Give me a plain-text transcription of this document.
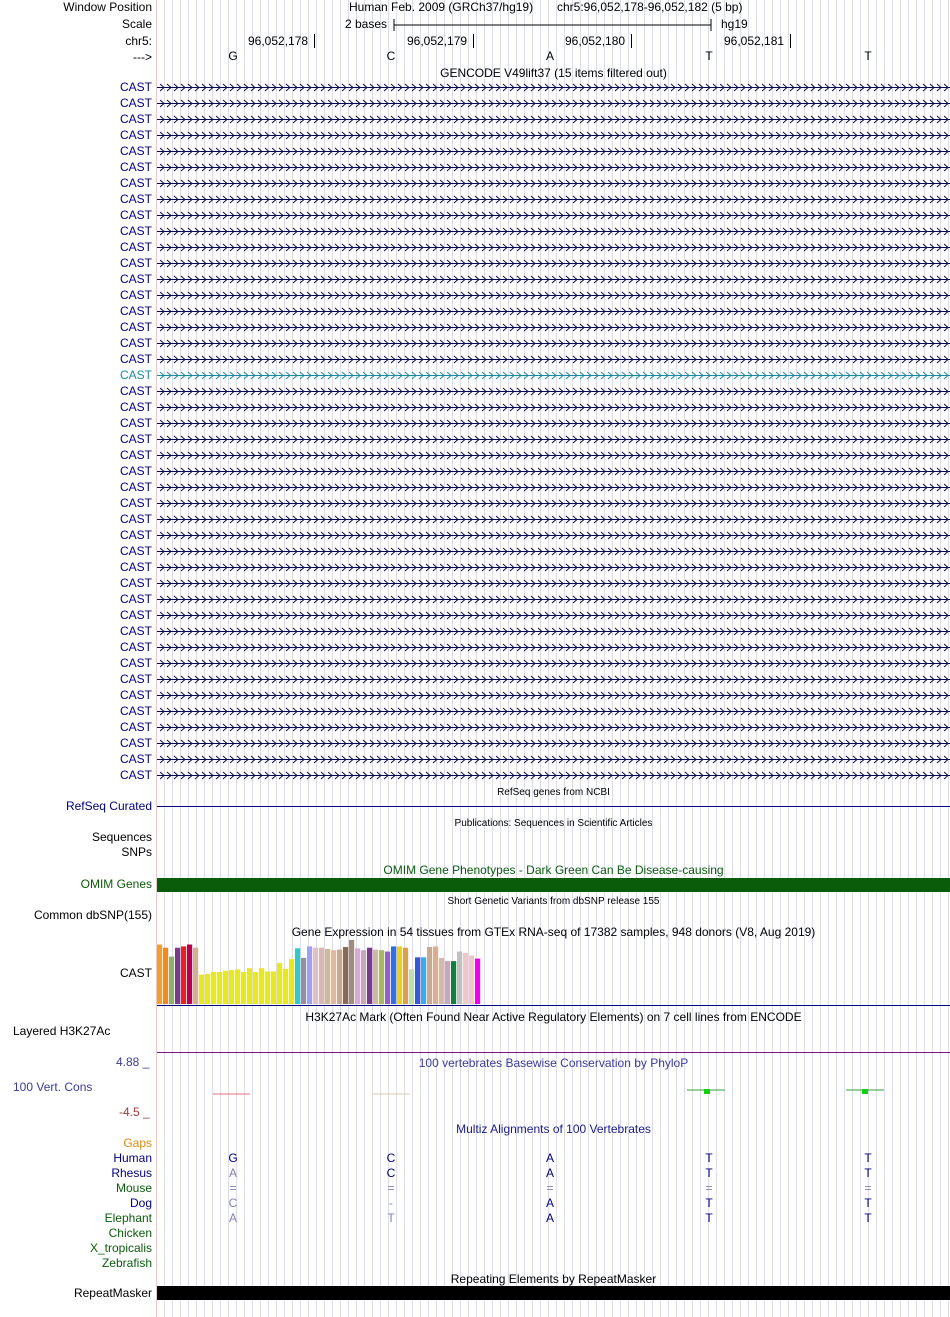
Window Position
Scale
chr5:
--->
Human Feb. 2009 (GRCh37/hg19) chr5:96,052,178-96,052,182 (5 bp)
2 bases	hg19
96,052,178	96,052,179	96,052,180	96,052,181
G	C	A	T	T
GENCODE V49lift37 (15 items filtered out)
CAST
CAST
CAST
CAST
CAST
CAST
CAST
CAST
CAST
CAST
CAST
CAST
CAST
CAST
CAST
CAST
CAST
CAST
CAST
CAST
CAST
CAST
CAST
CAST
CAST
CAST
CAST
CAST
CAST
CAST
CAST
CAST
CAST
CAST
CAST
CAST
CAST
CAST
CAST
CAST
CAST
CAST
CAST
CAST
RefSeq genes from NCBI
RefSeq Curated
Publications: Sequences in Scientific Articles
Sequences
SNPs
OMIM Gene Phenotypes - Dark Green Can Be Disease-causing
OMIM Genes
Short Genetic Variants from dbSNP release 155
Common dbSNP(155)
Gene Expression in 54 tissues from GTEx RNA-seq of 17382 samples, 948 donors (V8, Aug 2019)
CAST
H3K27Ac Mark (Often Found Near Active Regulatory Elements) on 7 cell lines from ENCODE
Layered H3K27Ac
100 vertebrates Basewise Conservation by PhyloP
4.88 _
100 Vert. Cons
-4.5 _
Multiz Alignments of 100 Vertebrates
Gaps
Human	G	C	A	T	T
Rhesus	A	C	A	T	T
Mouse	=	=	=	=	=
Dog	C	-	A	T	T
Elephant	A	T	A	T	T
Chicken
X_tropicalis
Zebrafish
Repeating Elements by RepeatMasker
RepeatMasker
